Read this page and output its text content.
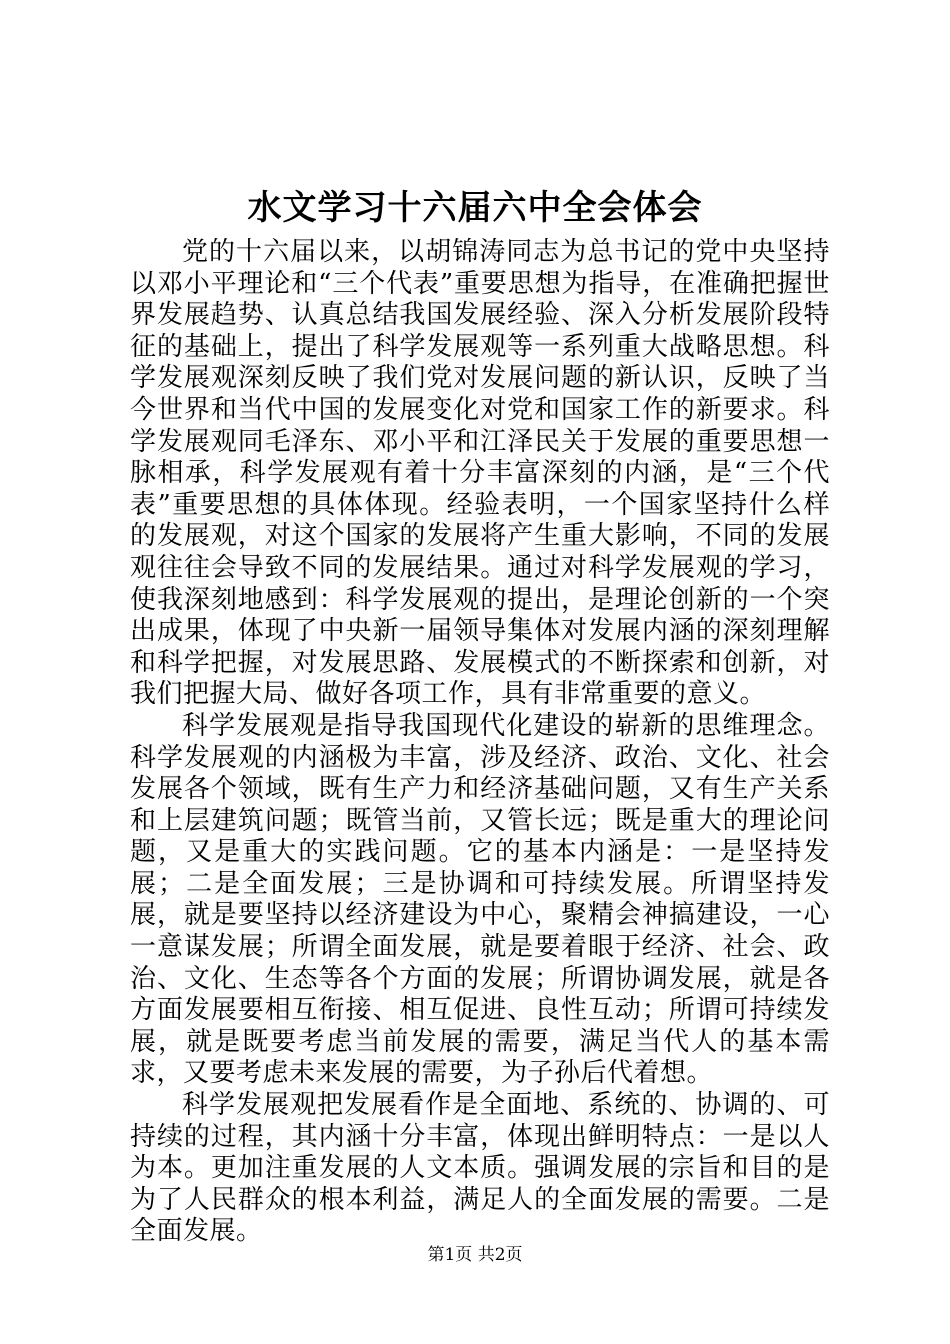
水文学习十六届六中全会体会

党的十六届以来，以胡锦涛同志为总书记的党中央坚持以邓小平理论和“三个代表”重要思想为指导，在准确把握世界发展趋势、认真总结我国发展经验、深入分析发展阶段特征的基础上，提出了科学发展观等一系列重大战略思想。科学发展观深刻反映了我们党对发展问题的新认识，反映了当今世界和当代中国的发展变化对党和国家工作的新要求。科学发展观同毛泽东、邓小平和江泽民关于发展的重要思想一脉相承，科学发展观有着十分丰富深刻的内涵，是“三个代表”重要思想的具体体现。经验表明，一个国家坚持什么样的发展观，对这个国家的发展将产生重大影响，不同的发展观往往会导致不同的发展结果。通过对科学发展观的学习，使我深刻地感到：科学发展观的提出，是理论创新的一个突出成果，体现了中央新一届领导集体对发展内涵的深刻理解和科学把握，对发展思路、发展模式的不断探索和创新，对我们把握大局、做好各项工作，具有非常重要的意义。

科学发展观是指导我国现代化建设的崭新的思维理念。科学发展观的内涵极为丰富，涉及经济、政治、文化、社会发展各个领域，既有生产力和经济基础问题，又有生产关系和上层建筑问题；既管当前，又管长远；既是重大的理论问题，又是重大的实践问题。它的基本内涵是：一是坚持发展；二是全面发展；三是协调和可持续发展。所谓坚持发展，就是要坚持以经济建设为中心，聚精会神搞建设，一心一意谋发展；所谓全面发展，就是要着眼于经济、社会、政治、文化、生态等各个方面的发展；所谓协调发展，就是各方面发展要相互衔接、相互促进、良性互动；所谓可持续发展，就是既要考虑当前发展的需要，满足当代人的基本需求，又要考虑未来发展的需要，为子孙后代着想。

科学发展观把发展看作是全面地、系统的、协调的、可持续的过程，其内涵十分丰富，体现出鲜明特点：一是以人为本。更加注重发展的人文本质。强调发展的宗旨和目的是为了人民群众的根本利益，满足人的全面发展的需要。二是全面发展。

第1页 共2页
